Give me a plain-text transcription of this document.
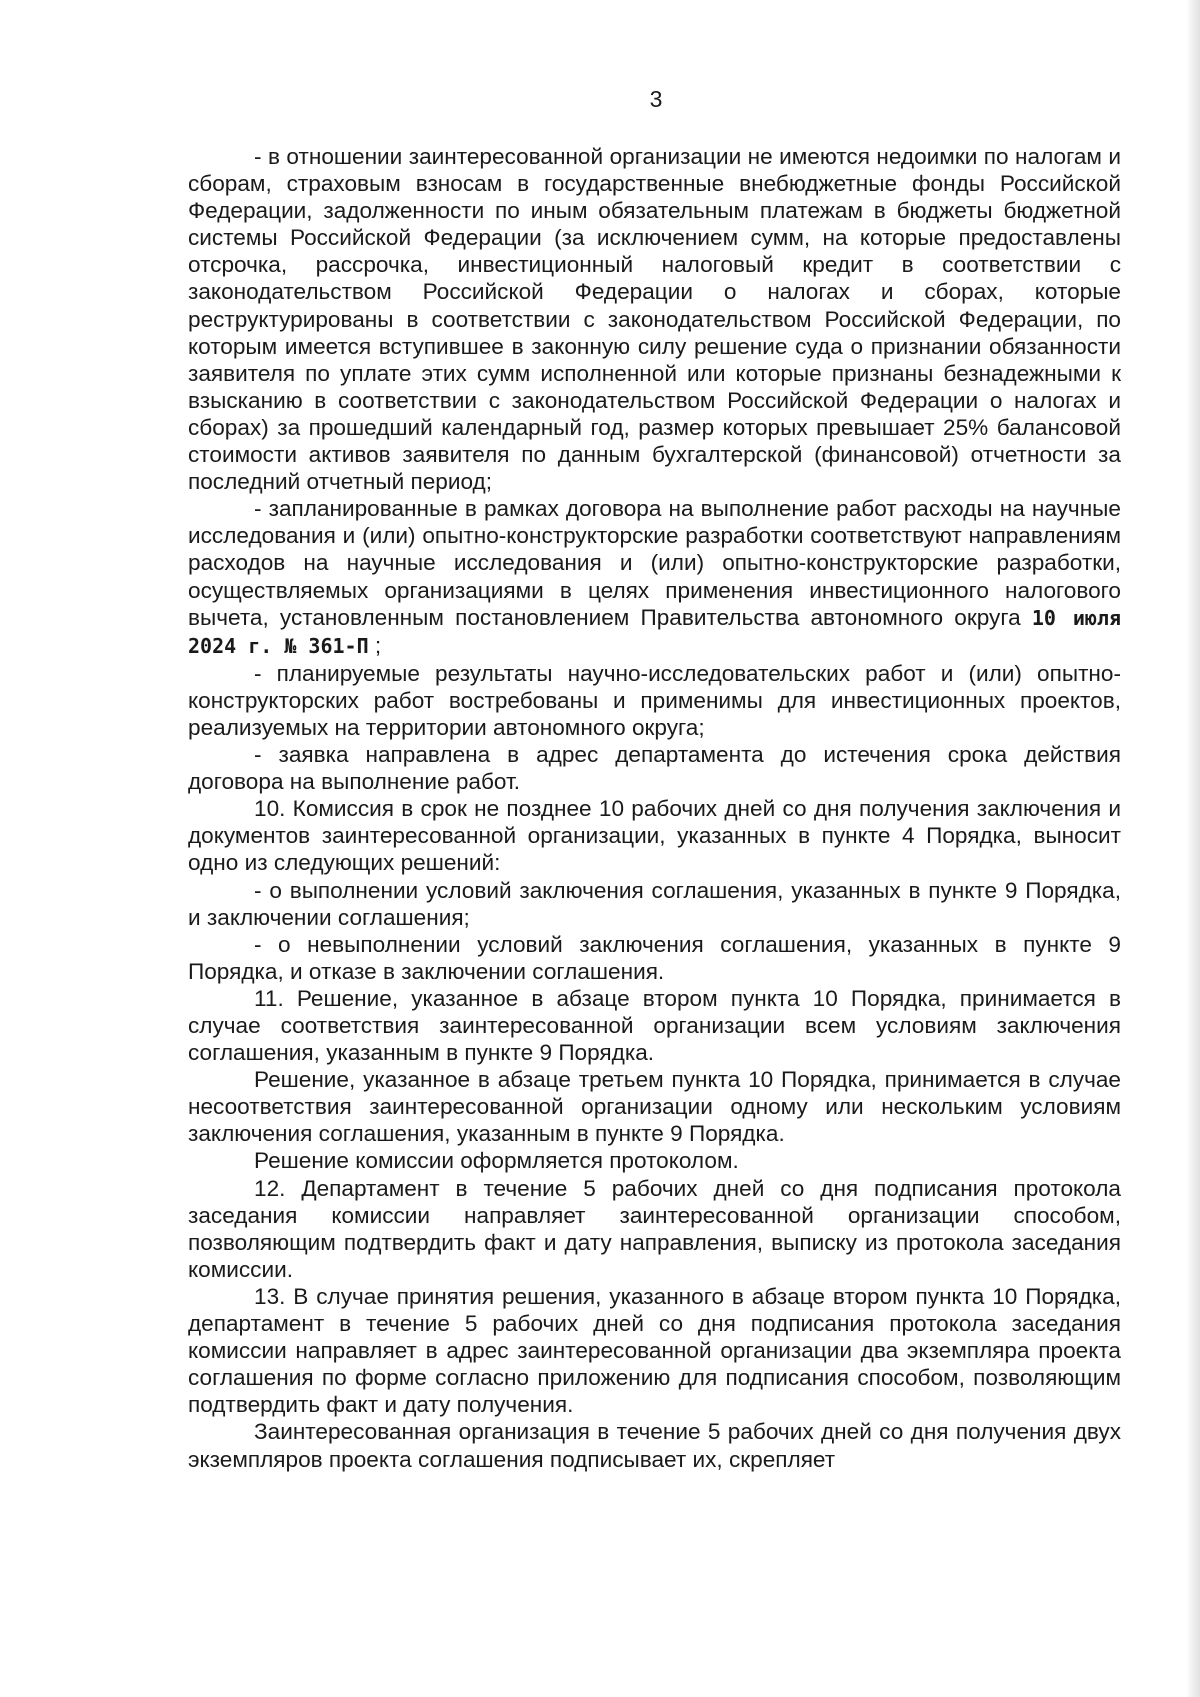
3

- в отношении заинтересованной организации не имеются недоимки по налогам и сборам, страховым взносам в государственные внебюджетные фонды Российской Федерации, задолженности по иным обязательным платежам в бюджеты бюджетной системы Российской Федерации (за исключением сумм, на которые предоставлены отсрочка, рассрочка, инвестиционный налоговый кредит в соответствии с законодательством Российской Федерации о налогах и сборах, которые реструктурированы в соответствии с законодательством Российской Федерации, по которым имеется вступившее в законную силу решение суда о признании обязанности заявителя по уплате этих сумм исполненной или которые признаны безнадежными к взысканию в соответствии с законодательством Российской Федерации о налогах и сборах) за прошедший календарный год, размер которых превышает 25% балансовой стоимости активов заявителя по данным бухгалтерской (финансовой) отчетности за последний отчетный период;

- запланированные в рамках договора на выполнение работ расходы на научные исследования и (или) опытно-конструкторские разработки соответствуют направлениям расходов на научные исследования и (или) опытно-конструкторские разработки, осуществляемых организациями в целях применения инвестиционного налогового вычета, установленным постановлением Правительства автономного округа 10 июля 2024 г. № 361-П ;

- планируемые результаты научно-исследовательских работ и (или) опытно-конструкторских работ востребованы и применимы для инвестиционных проектов, реализуемых на территории автономного округа;

- заявка направлена в адрес департамента до истечения срока действия договора на выполнение работ.

10. Комиссия в срок не позднее 10 рабочих дней со дня получения заключения и документов заинтересованной организации, указанных в пункте 4 Порядка, выносит одно из следующих решений:

- о выполнении условий заключения соглашения, указанных в пункте 9 Порядка, и заключении соглашения;

- о невыполнении условий заключения соглашения, указанных в пункте 9 Порядка, и отказе в заключении соглашения.

11. Решение, указанное в абзаце втором пункта 10 Порядка, принимается в случае соответствия заинтересованной организации всем условиям заключения соглашения, указанным в пункте 9 Порядка.

Решение, указанное в абзаце третьем пункта 10 Порядка, принимается в случае несоответствия заинтересованной организации одному или нескольким условиям заключения соглашения, указанным в пункте 9 Порядка.

Решение комиссии оформляется протоколом.

12. Департамент в течение 5 рабочих дней со дня подписания протокола заседания комиссии направляет заинтересованной организации способом, позволяющим подтвердить факт и дату направления, выписку из протокола заседания комиссии.

13. В случае принятия решения, указанного в абзаце втором пункта 10 Порядка, департамент в течение 5 рабочих дней со дня подписания протокола заседания комиссии направляет в адрес заинтересованной организации два экземпляра проекта соглашения по форме согласно приложению для подписания способом, позволяющим подтвердить факт и дату получения.

Заинтересованная организация в течение 5 рабочих дней со дня получения двух экземпляров проекта соглашения подписывает их, скрепляет
